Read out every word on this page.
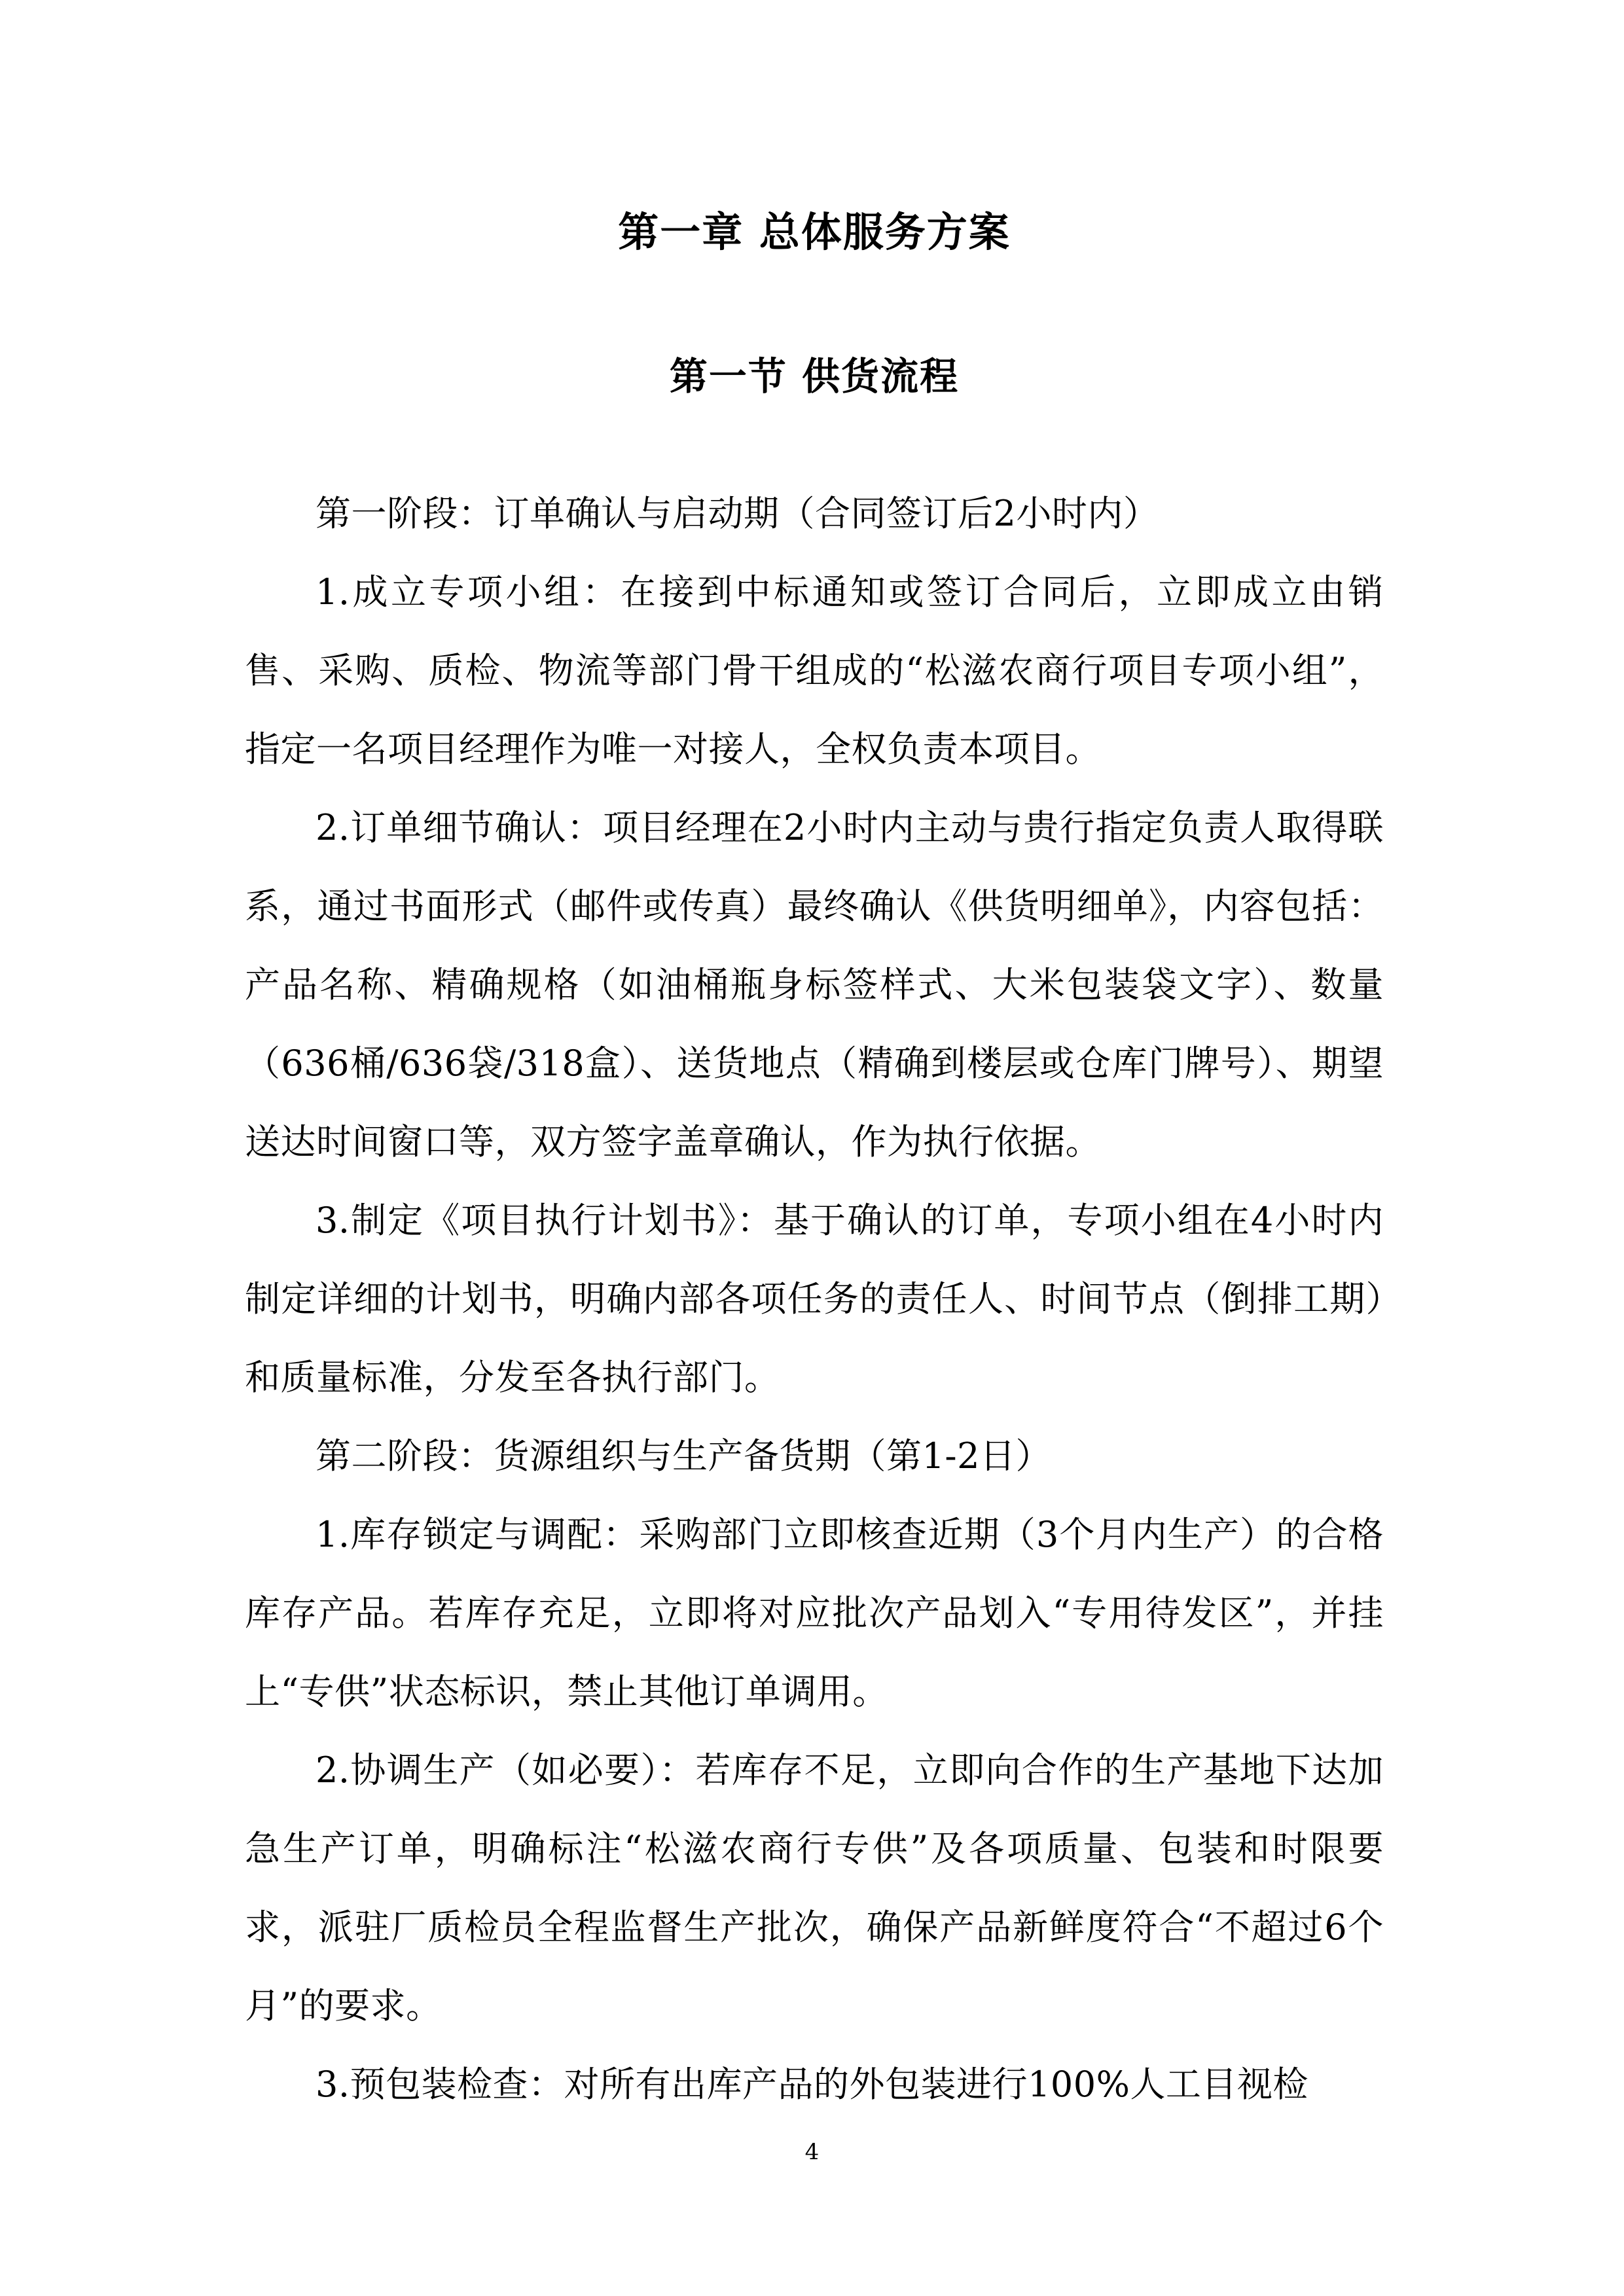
第一章 总体服务方案
第一节 供货流程

第一阶段：订单确认与启动期（合同签订后2小时内）

1.成立专项小组：在接到中标通知或签订合同后，立即成立由销售、采购、质检、物流等部门骨干组成的“松滋农商行项目专项小组”，指定一名项目经理作为唯一对接人，全权负责本项目。

2.订单细节确认：项目经理在2小时内主动与贵行指定负责人取得联系，通过书面形式（邮件或传真）最终确认《供货明细单》，内容包括：产品名称、精确规格（如油桶瓶身标签样式、大米包装袋文字）、数量（636桶/636袋/318盒）、送货地点（精确到楼层或仓库门牌号）、期望送达时间窗口等，双方签字盖章确认，作为执行依据。

3.制定《项目执行计划书》：基于确认的订单，专项小组在4小时内制定详细的计划书，明确内部各项任务的责任人、时间节点（倒排工期）和质量标准，分发至各执行部门。

第二阶段：货源组织与生产备货期（第1-2日）

1.库存锁定与调配：采购部门立即核查近期（3个月内生产）的合格库存产品。若库存充足，立即将对应批次产品划入“专用待发区”，并挂上“专供”状态标识，禁止其他订单调用。

2.协调生产（如必要）：若库存不足，立即向合作的生产基地下达加急生产订单，明确标注“松滋农商行专供”及各项质量、包装和时限要求，派驻厂质检员全程监督生产批次，确保产品新鲜度符合“不超过6个月”的要求。

3.预包装检查：对所有出库产品的外包装进行100%人工目视检

4
